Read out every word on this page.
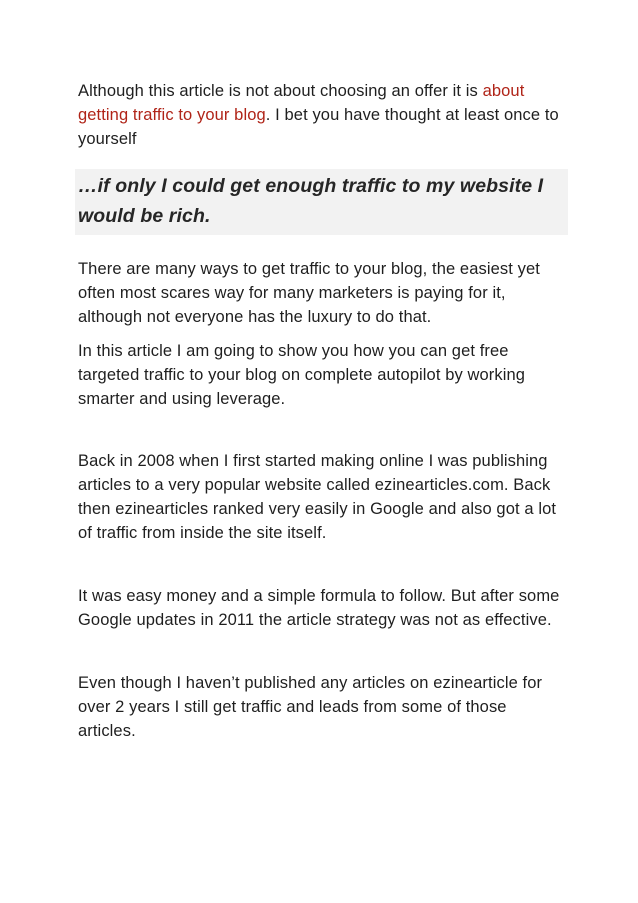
Although this article is not about choosing an offer it is about getting traffic to your blog. I bet you have thought at least once to yourself

…if only I could get enough traffic to my website I would be rich.

There are many ways to get traffic to your blog, the easiest yet often most scares way for many marketers is paying for it, although not everyone has the luxury to do that.

In this article I am going to show you how you can get free targeted traffic to your blog on complete autopilot by working smarter and using leverage.

Back in 2008 when I first started making online I was publishing articles to a very popular website called ezinearticles.com. Back then ezinearticles ranked very easily in Google and also got a lot of traffic from inside the site itself.

It was easy money and a simple formula to follow. But after some Google updates in 2011 the article strategy was not as effective.

Even though I haven’t published any articles on ezinearticle for over 2 years I still get traffic and leads from some of those articles.
